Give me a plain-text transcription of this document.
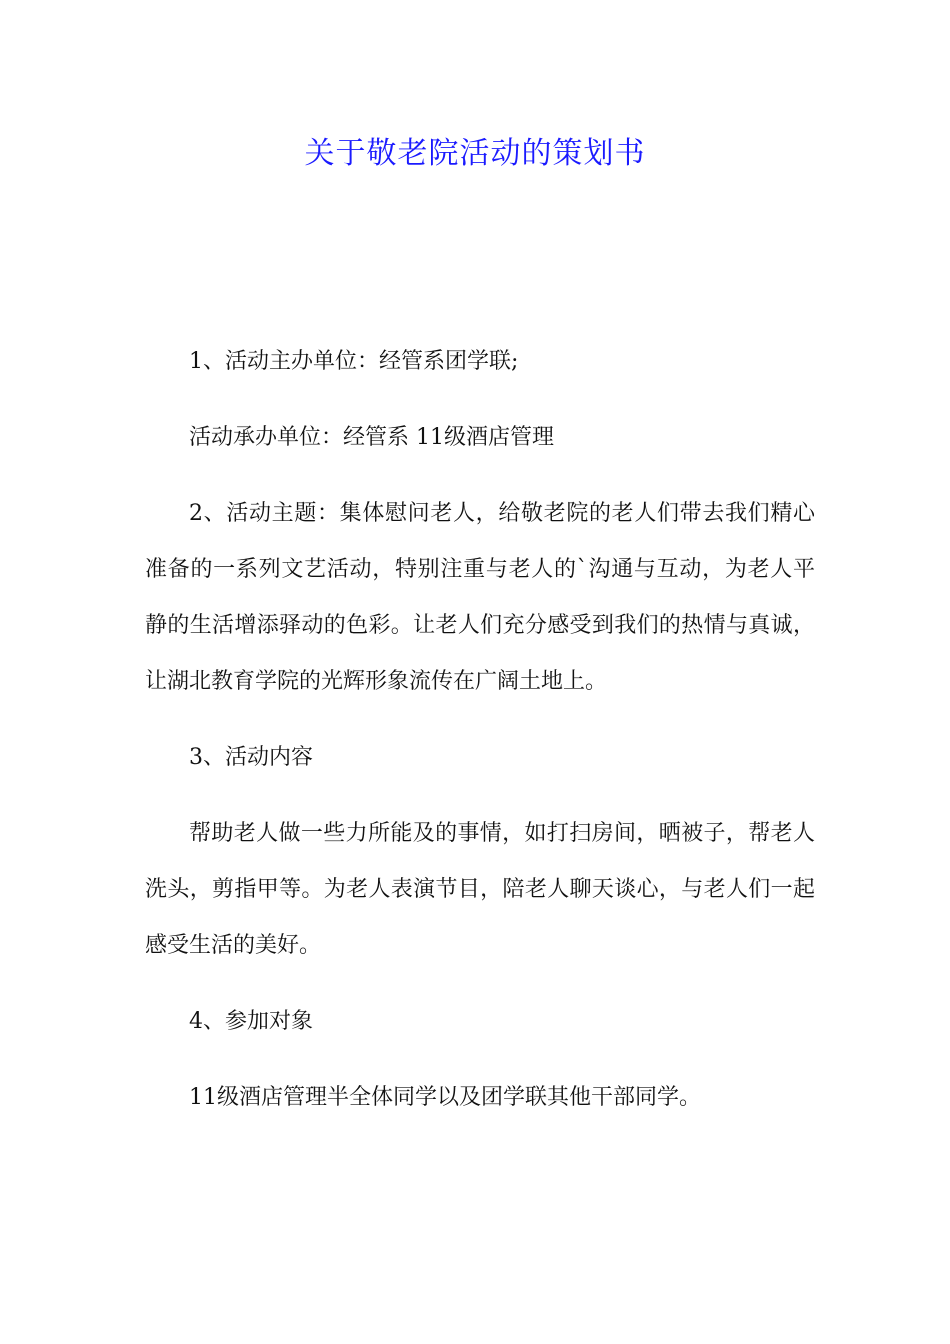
关于敬老院活动的策划书

1、活动主办单位：经管系团学联;

活动承办单位：经管系 11级酒店管理

2、活动主题：集体慰问老人，给敬老院的老人们带去我们精心准备的一系列文艺活动，特别注重与老人的`沟通与互动，为老人平静的生活增添驿动的色彩。让老人们充分感受到我们的热情与真诚，让湖北教育学院的光辉形象流传在广阔土地上。

3、活动内容

帮助老人做一些力所能及的事情，如打扫房间，晒被子，帮老人洗头，剪指甲等。为老人表演节目，陪老人聊天谈心，与老人们一起感受生活的美好。

4、参加对象

11级酒店管理半全体同学以及团学联其他干部同学。
